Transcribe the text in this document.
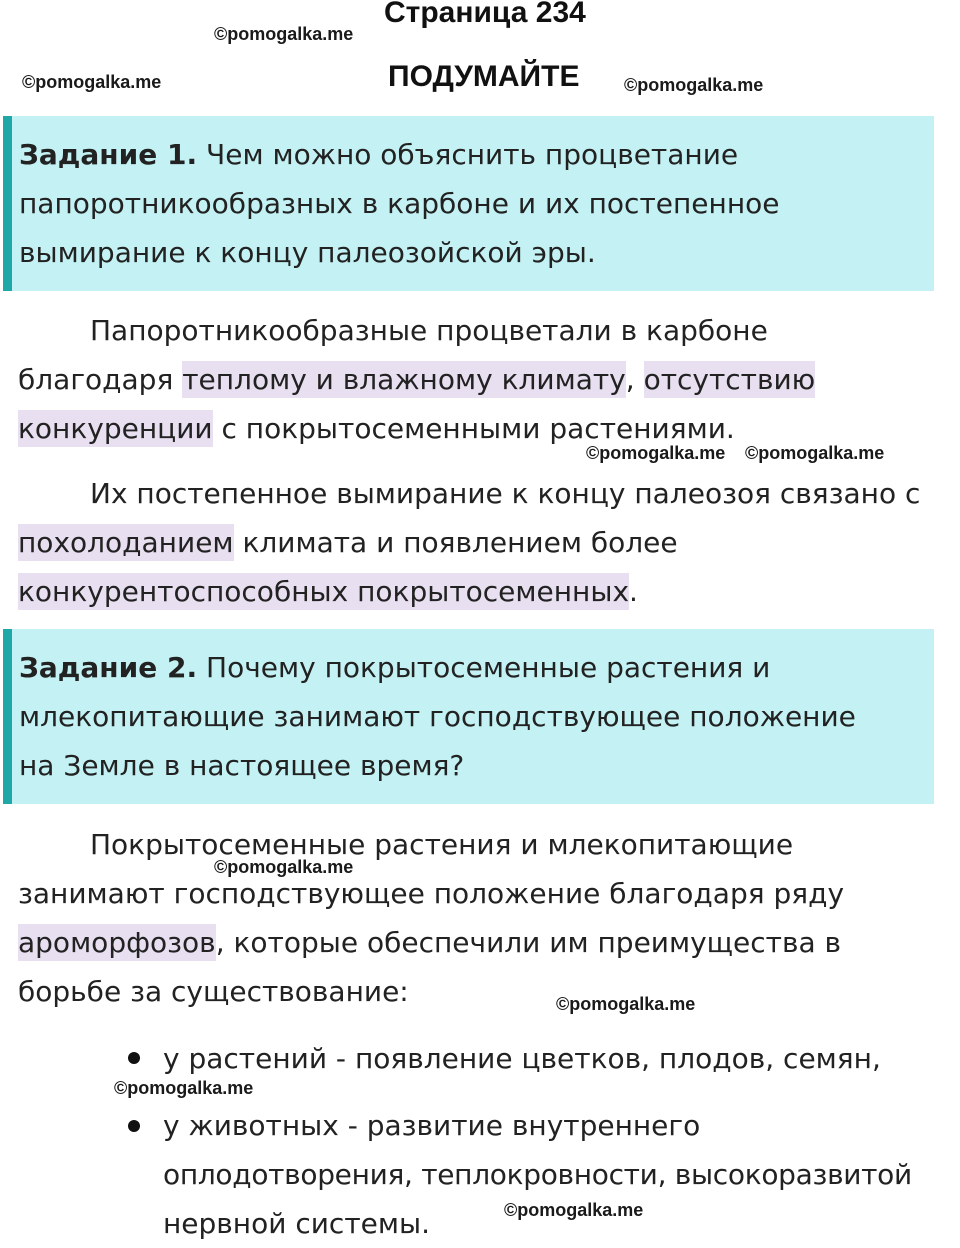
Страница 234
ПОДУМАЙТЕ
©pomogalka.me
©pomogalka.me	©pomogalka.me
©pomogalka.me ©pomogalka.me
©pomogalka.me
©pomogalka.me
©pomogalka.me
©pomogalka.me
Задание 1. Чем можно объяснить процветание
папоротникообразных в карбоне и их постепенное
вымирание к концу палеозойской эры.
Папоротникообразные процветали в карбоне
благодаря теплому и влажному климату, отсутствию
конкуренции с покрытосеменными растениями.
Их постепенное вымирание к концу палеозоя связано с
похолоданием климата и появлением более
конкурентоспособных покрытосеменных.
Задание 2. Почему покрытосеменные растения и
млекопитающие занимают господствующее положение
на Земле в настоящее время?
Покрытосеменные растения и млекопитающие
занимают господствующее положение благодаря ряду
ароморфозов, которые обеспечили им преимущества в
борьбе за существование:
у растений - появление цветков, плодов, семян,
у животных - развитие внутреннего
оплодотворения, теплокровности, высокоразвитой
нервной системы.
